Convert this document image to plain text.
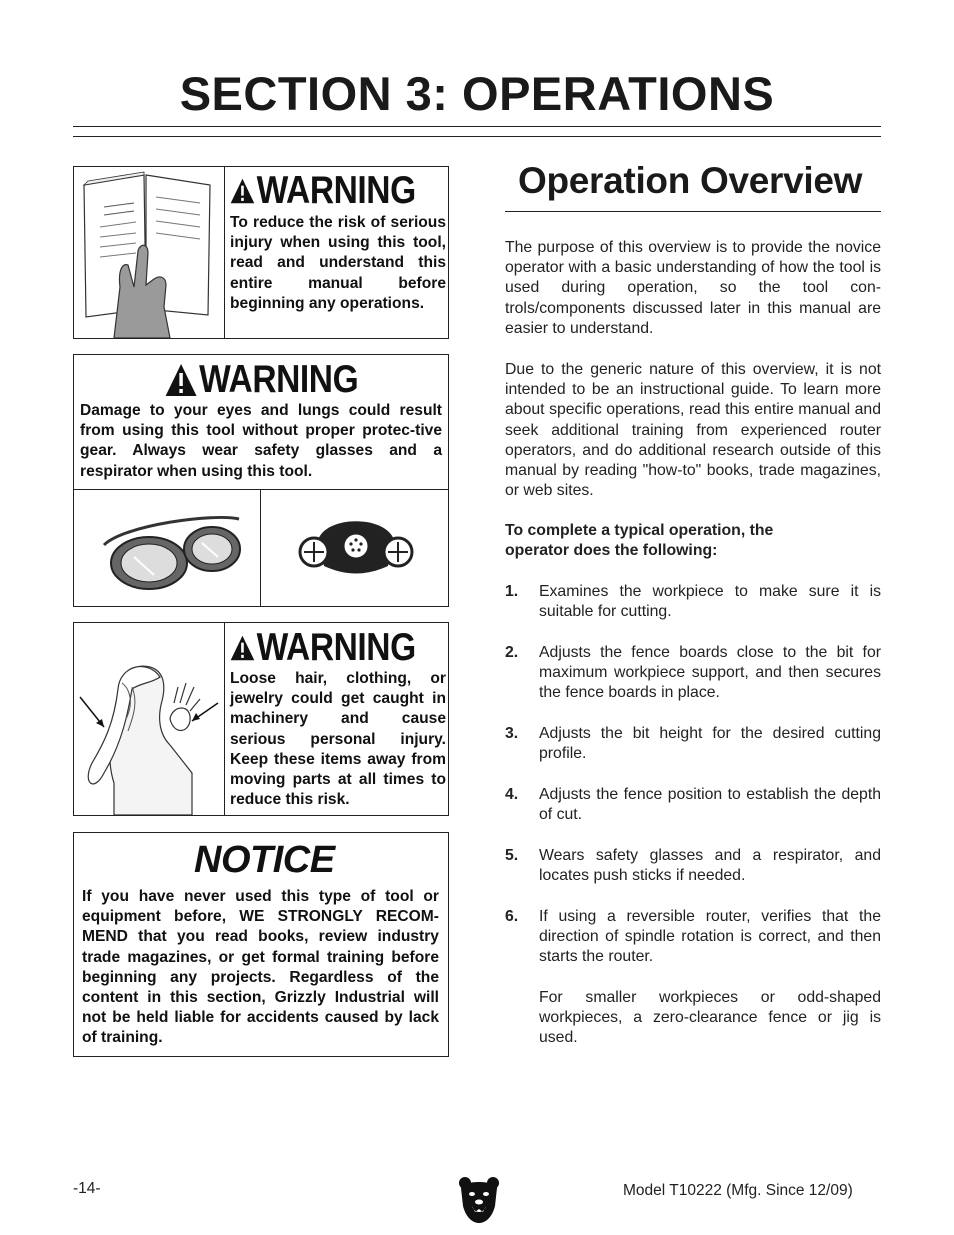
SECTION 3: OPERATIONS
WARNING
To reduce the risk of serious injury when using this tool, read and understand this entire manual before beginning any operations.
WARNING
Damage to your eyes and lungs could result from using this tool without proper protec-tive gear. Always wear safety glasses and a respirator when using this tool.
WARNING
Loose hair, clothing, or jewelry could get caught in machinery and cause serious personal injury. Keep these items away from moving parts at all times to reduce this risk.
NOTICE
If you have never used this type of tool or equipment before, WE STRONGLY RECOM-MEND that you read books, review industry trade magazines, or get formal training before beginning any projects. Regardless of the content in this section, Grizzly Industrial will not be held liable for accidents caused by lack of training.
Operation Overview
The purpose of this overview is to provide the novice operator with a basic understanding of how the tool is used during operation, so the tool con-trols/components discussed later in this manual are easier to understand.
Due to the generic nature of this overview, it is not intended to be an instructional guide. To learn more about specific operations, read this entire manual and seek additional training from experienced router operators, and do additional research outside of this manual by reading "how-to" books, trade magazines, or web sites.
To complete a typical operation, the operator does the following:
1.	Examines the workpiece to make sure it is suitable for cutting.
2.	Adjusts the fence boards close to the bit for maximum workpiece support, and then secures the fence boards in place.
3.	Adjusts the bit height for the desired cutting profile.
4.	Adjusts the fence position to establish the depth of cut.
5.	Wears safety glasses and a respirator, and locates push sticks if needed.
6.	If using a reversible router, verifies that the direction of spindle rotation is correct, and then starts the router.
For smaller workpieces or odd-shaped workpieces, a zero-clearance fence or jig is used.
-14-	Model T10222 (Mfg. Since 12/09)
